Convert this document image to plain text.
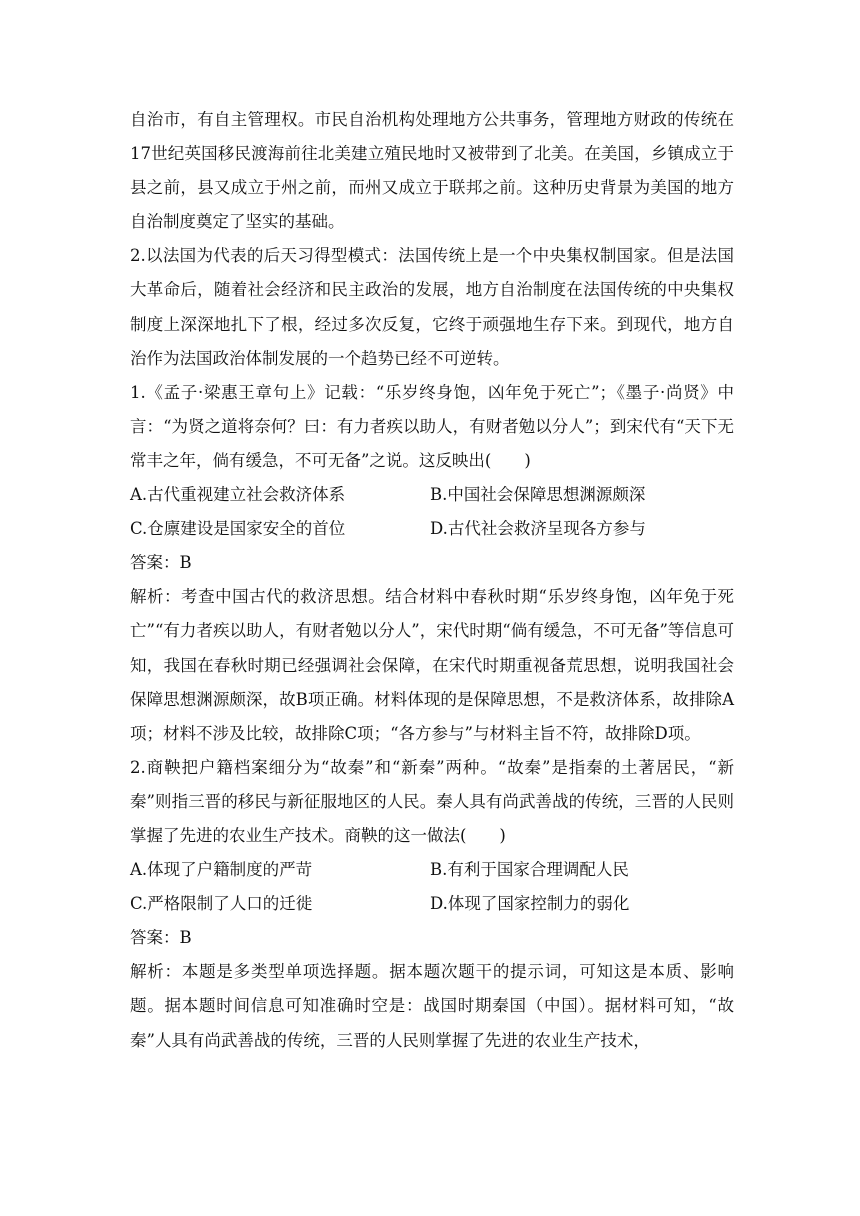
自治市，有自主管理权。市民自治机构处理地方公共事务，管理地方财政的传统在17世纪英国移民渡海前往北美建立殖民地时又被带到了北美。在美国，乡镇成立于县之前，县又成立于州之前，而州又成立于联邦之前。这种历史背景为美国的地方自治制度奠定了坚实的基础。

2.以法国为代表的后天习得型模式：法国传统上是一个中央集权制国家。但是法国大革命后，随着社会经济和民主政治的发展，地方自治制度在法国传统的中央集权制度上深深地扎下了根，经过多次反复，它终于顽强地生存下来。到现代，地方自治作为法国政治体制发展的一个趋势已经不可逆转。

1.《孟子·梁惠王章句上》记载：“乐岁终身饱，凶年免于死亡”；《墨子·尚贤》中言：“为贤之道将奈何？曰：有力者疾以助人，有财者勉以分人”；到宋代有“天下无常丰之年，倘有缓急，不可无备”之说。这反映出(　　)

A.古代重视建立社会救济体系	B.中国社会保障思想渊源颇深
C.仓廪建设是国家安全的首位	D.古代社会救济呈现各方参与

答案：B

解析：考查中国古代的救济思想。结合材料中春秋时期“乐岁终身饱，凶年免于死亡”“有力者疾以助人，有财者勉以分人”，宋代时期“倘有缓急，不可无备”等信息可知，我国在春秋时期已经强调社会保障，在宋代时期重视备荒思想，说明我国社会保障思想渊源颇深，故B项正确。材料体现的是保障思想，不是救济体系，故排除A项；材料不涉及比较，故排除C项；“各方参与”与材料主旨不符，故排除D项。

2.商鞅把户籍档案细分为“故秦”和“新秦”两种。“故秦”是指秦的土著居民，“新秦”则指三晋的移民与新征服地区的人民。秦人具有尚武善战的传统，三晋的人民则掌握了先进的农业生产技术。商鞅的这一做法(　　)

A.体现了户籍制度的严苛	B.有利于国家合理调配人民
C.严格限制了人口的迁徙	D.体现了国家控制力的弱化

答案：B

解析：本题是多类型单项选择题。据本题次题干的提示词，可知这是本质、影响题。据本题时间信息可知准确时空是：战国时期秦国（中国）。据材料可知，“故秦”人具有尚武善战的传统，三晋的人民则掌握了先进的农业生产技术，
